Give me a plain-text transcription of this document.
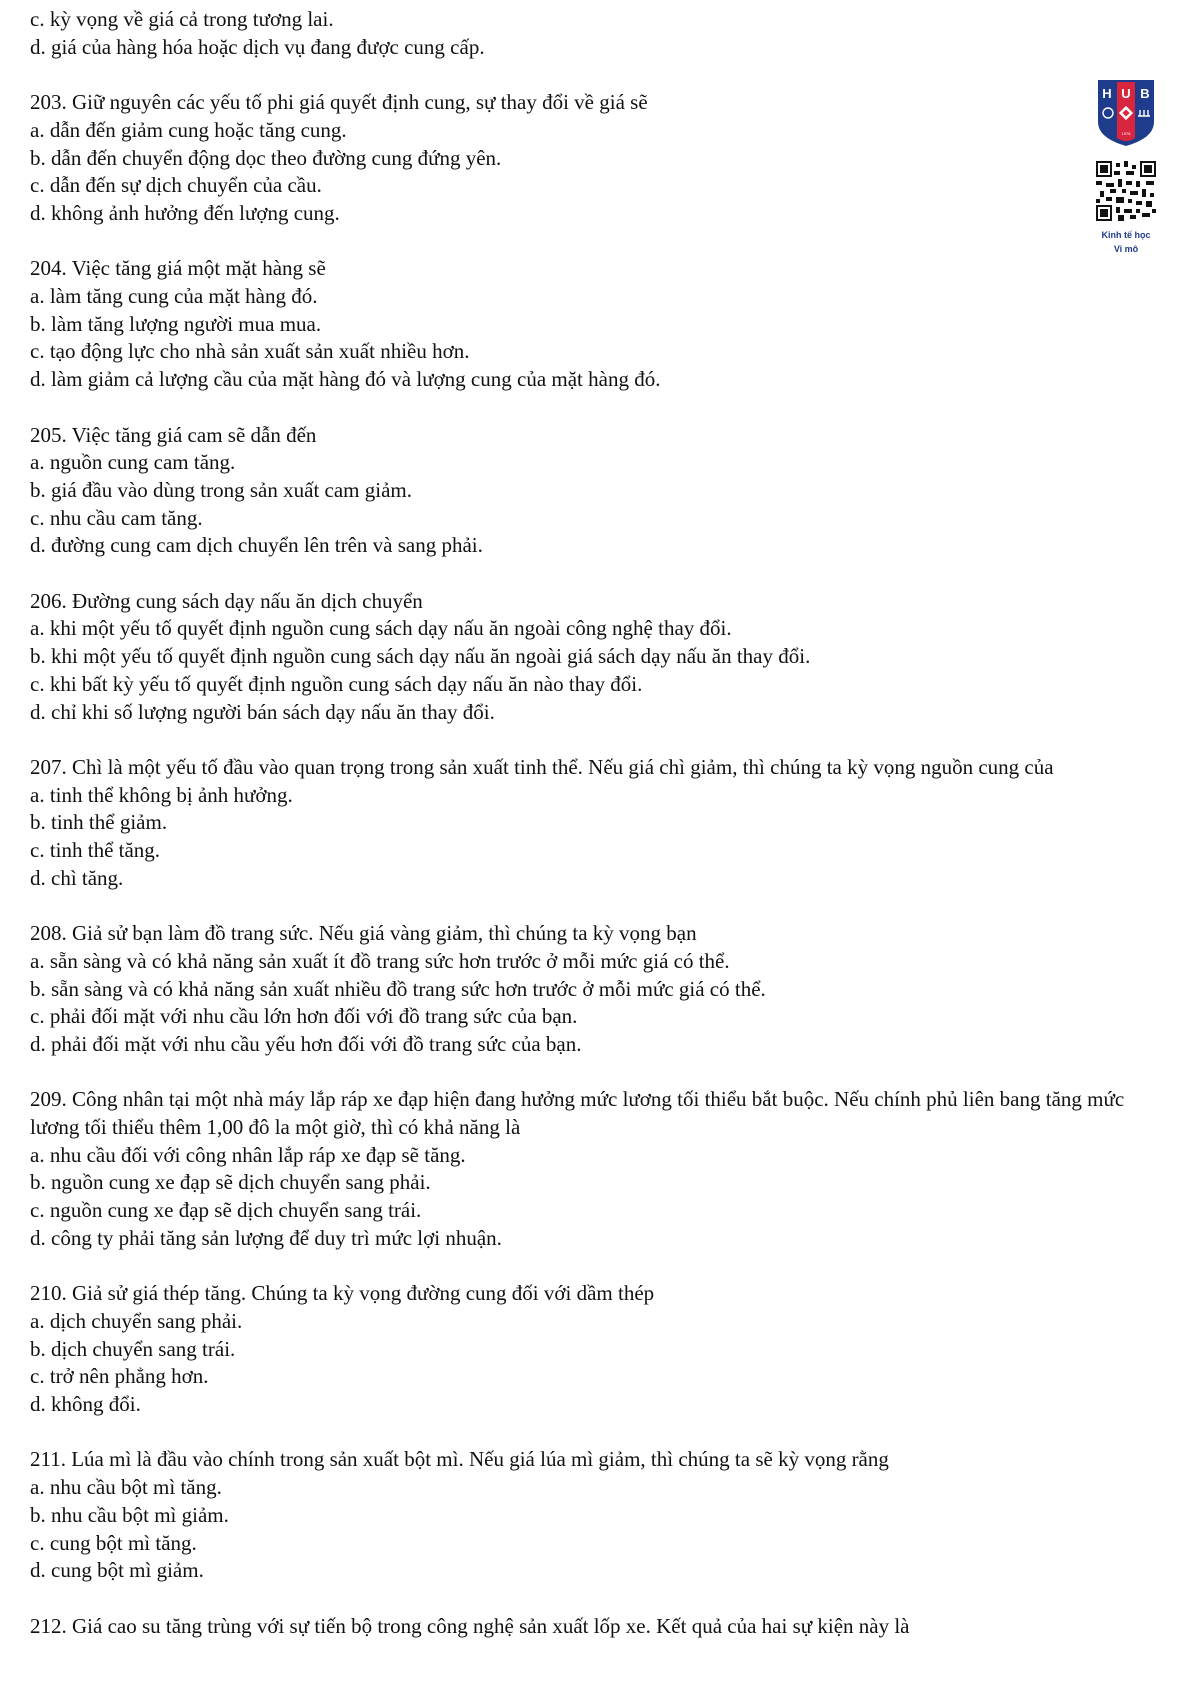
H U B
1976

Kinh tế học
Vi mô
c. kỳ vọng về giá cả trong tương lai.
d. giá của hàng hóa hoặc dịch vụ đang được cung cấp.
203. Giữ nguyên các yếu tố phi giá quyết định cung, sự thay đổi về giá sẽ
a. dẫn đến giảm cung hoặc tăng cung.
b. dẫn đến chuyển động dọc theo đường cung đứng yên.
c. dẫn đến sự dịch chuyển của cầu.
d. không ảnh hưởng đến lượng cung.
204. Việc tăng giá một mặt hàng sẽ
a. làm tăng cung của mặt hàng đó.
b. làm tăng lượng người mua mua.
c. tạo động lực cho nhà sản xuất sản xuất nhiều hơn.
d. làm giảm cả lượng cầu của mặt hàng đó và lượng cung của mặt hàng đó.
205. Việc tăng giá cam sẽ dẫn đến
a. nguồn cung cam tăng.
b. giá đầu vào dùng trong sản xuất cam giảm.
c. nhu cầu cam tăng.
d. đường cung cam dịch chuyển lên trên và sang phải.
206. Đường cung sách dạy nấu ăn dịch chuyển
a. khi một yếu tố quyết định nguồn cung sách dạy nấu ăn ngoài công nghệ thay đổi.
b. khi một yếu tố quyết định nguồn cung sách dạy nấu ăn ngoài giá sách dạy nấu ăn thay đổi.
c. khi bất kỳ yếu tố quyết định nguồn cung sách dạy nấu ăn nào thay đổi.
d. chỉ khi số lượng người bán sách dạy nấu ăn thay đổi.
207. Chì là một yếu tố đầu vào quan trọng trong sản xuất tinh thể. Nếu giá chì giảm, thì chúng ta kỳ vọng nguồn cung của
a. tinh thể không bị ảnh hưởng.
b. tinh thể giảm.
c. tinh thể tăng.
d. chì tăng.
208. Giả sử bạn làm đồ trang sức. Nếu giá vàng giảm, thì chúng ta kỳ vọng bạn
a. sẵn sàng và có khả năng sản xuất ít đồ trang sức hơn trước ở mỗi mức giá có thể.
b. sẵn sàng và có khả năng sản xuất nhiều đồ trang sức hơn trước ở mỗi mức giá có thể.
c. phải đối mặt với nhu cầu lớn hơn đối với đồ trang sức của bạn.
d. phải đối mặt với nhu cầu yếu hơn đối với đồ trang sức của bạn.
209. Công nhân tại một nhà máy lắp ráp xe đạp hiện đang hưởng mức lương tối thiểu bắt buộc. Nếu chính phủ liên bang tăng mức lương tối thiểu thêm 1,00 đô la một giờ, thì có khả năng là
a. nhu cầu đối với công nhân lắp ráp xe đạp sẽ tăng.
b. nguồn cung xe đạp sẽ dịch chuyển sang phải.
c. nguồn cung xe đạp sẽ dịch chuyển sang trái.
d. công ty phải tăng sản lượng để duy trì mức lợi nhuận.
210. Giả sử giá thép tăng. Chúng ta kỳ vọng đường cung đối với dầm thép
a. dịch chuyển sang phải.
b. dịch chuyển sang trái.
c. trở nên phẳng hơn.
d. không đổi.
211. Lúa mì là đầu vào chính trong sản xuất bột mì. Nếu giá lúa mì giảm, thì chúng ta sẽ kỳ vọng rằng
a. nhu cầu bột mì tăng.
b. nhu cầu bột mì giảm.
c. cung bột mì tăng.
d. cung bột mì giảm.
212. Giá cao su tăng trùng với sự tiến bộ trong công nghệ sản xuất lốp xe. Kết quả của hai sự kiện này là
